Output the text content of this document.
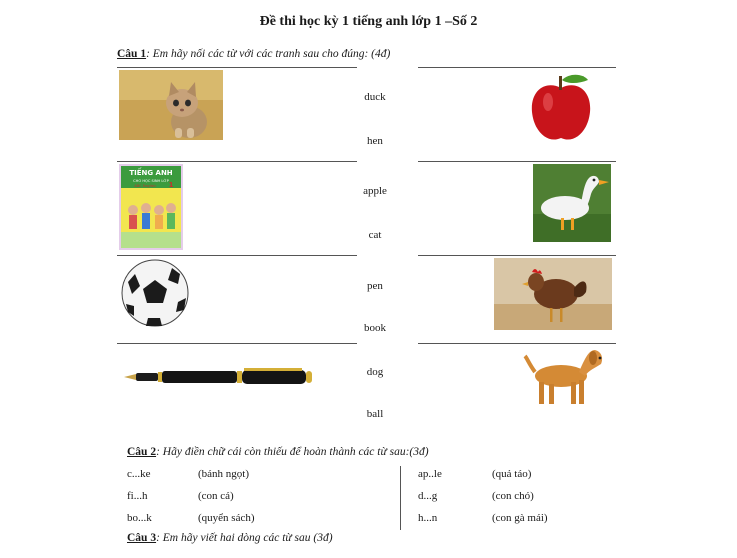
Đề thi học kỳ 1 tiếng anh lớp 1 –Số 2
Câu 1: Em hãy nối các từ với các tranh sau cho đúng: (4đ)
TIẾNG ANH
CHO HỌC SINH LỚP
ABC English 1
duck
hen
apple
cat
pen
book
dog
ball
Câu 2: Hãy điền chữ cái còn thiếu để hoàn thành các từ sau:(3đ)
c...ke	(bánh ngọt)
fi...h	(con cá)
bo...k	(quyển sách)
ap..le	(quả táo)
d...g	(con chó)
h...n	(con gà mái)
Câu 3: Em hãy viết hai dòng các từ sau (3đ)
